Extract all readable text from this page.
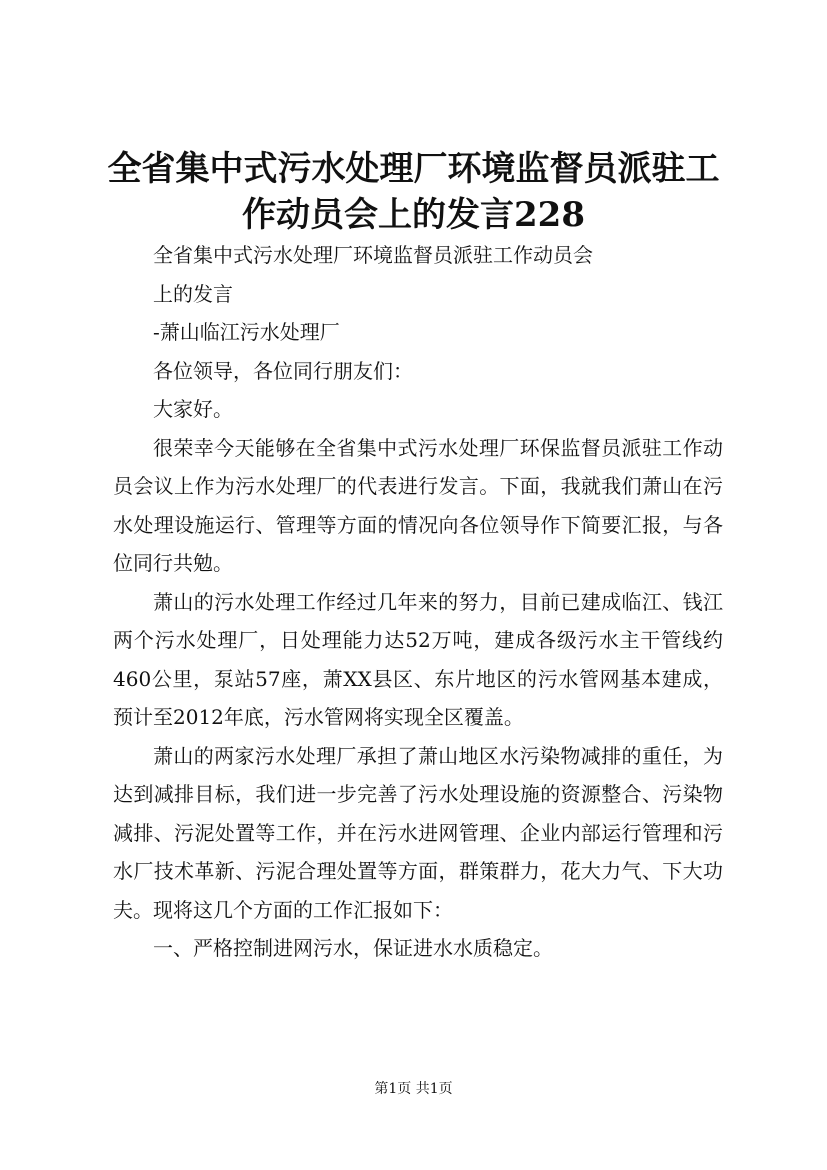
全省集中式污水处理厂环境监督员派驻工作动员会上的发言228

全省集中式污水处理厂环境监督员派驻工作动员会

上的发言

-萧山临江污水处理厂

各位领导，各位同行朋友们：

大家好。

很荣幸今天能够在全省集中式污水处理厂环保监督员派驻工作动员会议上作为污水处理厂的代表进行发言。下面，我就我们萧山在污水处理设施运行、管理等方面的情况向各位领导作下简要汇报，与各位同行共勉。

萧山的污水处理工作经过几年来的努力，目前已建成临江、钱江两个污水处理厂，日处理能力达52万吨，建成各级污水主干管线约460公里，泵站57座，萧XX县区、东片地区的污水管网基本建成，预计至2012年底，污水管网将实现全区覆盖。

萧山的两家污水处理厂承担了萧山地区水污染物减排的重任，为达到减排目标，我们进一步完善了污水处理设施的资源整合、污染物减排、污泥处置等工作，并在污水进网管理、企业内部运行管理和污水厂技术革新、污泥合理处置等方面，群策群力，花大力气、下大功夫。现将这几个方面的工作汇报如下：

一、严格控制进网污水，保证进水水质稳定。

第1页 共1页
